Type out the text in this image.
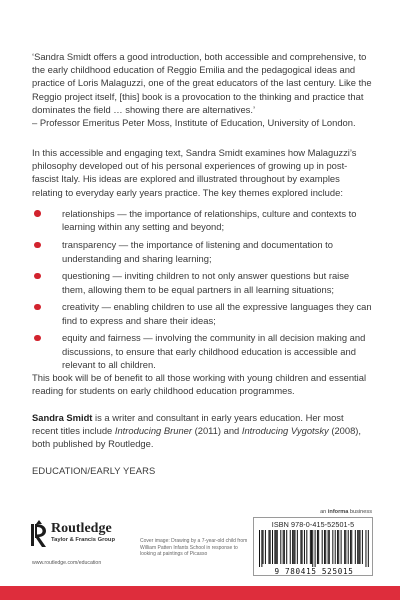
‘Sandra Smidt offers a good introduction, both accessible and comprehensive, to the early childhood education of Reggio Emilia and the pedagogical ideas and practice of Loris Malaguzzi, one of the great educators of the last century. Like the Reggio project itself, [this] book is a provocation to the thinking and practice that dominates the field … showing there are alternatives.’
– Professor Emeritus Peter Moss, Institute of Education, University of London.

In this accessible and engaging text, Sandra Smidt examines how Malaguzzi’s philosophy developed out of his personal experiences of growing up in post-fascist Italy. His ideas are explored and illustrated throughout by examples relating to everyday early years practice. The key themes explored include:

relationships — the importance of relationships, culture and contexts to learning within any setting and beyond;
transparency — the importance of listening and documentation to understanding and sharing learning;
questioning — inviting children to not only answer questions but raise them, allowing them to be equal partners in all learning situations;
creativity — enabling children to use all the expressive languages they can find to express and share their ideas;
equity and fairness — involving the community in all decision making and discussions, to ensure that early childhood education is accessible and relevant to all children.

This book will be of benefit to all those working with young children and essential reading for students on early childhood education programmes.

Sandra Smidt is a writer and consultant in early years education. Her most recent titles include Introducing Bruner (2011) and Introducing Vygotsky (2008), both published by Routledge.

EDUCATION/EARLY YEARS
an informa business
Routledge
Taylor & Francis Group
www.routledge.com/education

Cover image: Drawing by a 7-year-old child from William Patten Infants School in response to looking at paintings of Picasso

ISBN 978-0-415-52501-5
9 780415 525015
